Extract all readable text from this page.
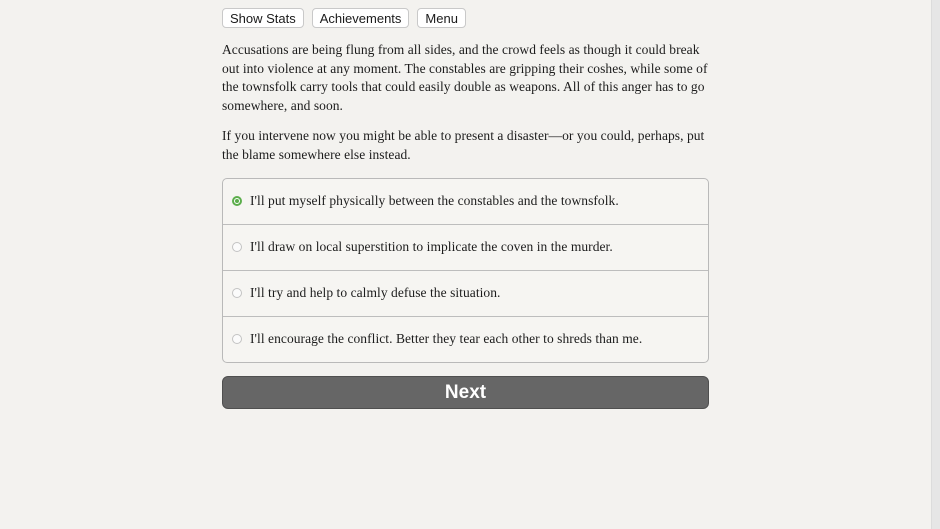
Show Stats	Achievements	Menu

Accusations are being flung from all sides, and the crowd feels as though it could break out into violence at any moment. The constables are gripping their coshes, while some of the townsfolk carry tools that could easily double as weapons. All of this anger has to go somewhere, and soon.

If you intervene now you might be able to present a disaster—or you could, perhaps, put the blame somewhere else instead.

I'll put myself physically between the constables and the townsfolk.
I'll draw on local superstition to implicate the coven in the murder.
I'll try and help to calmly defuse the situation.
I'll encourage the conflict. Better they tear each other to shreds than me.
Next
